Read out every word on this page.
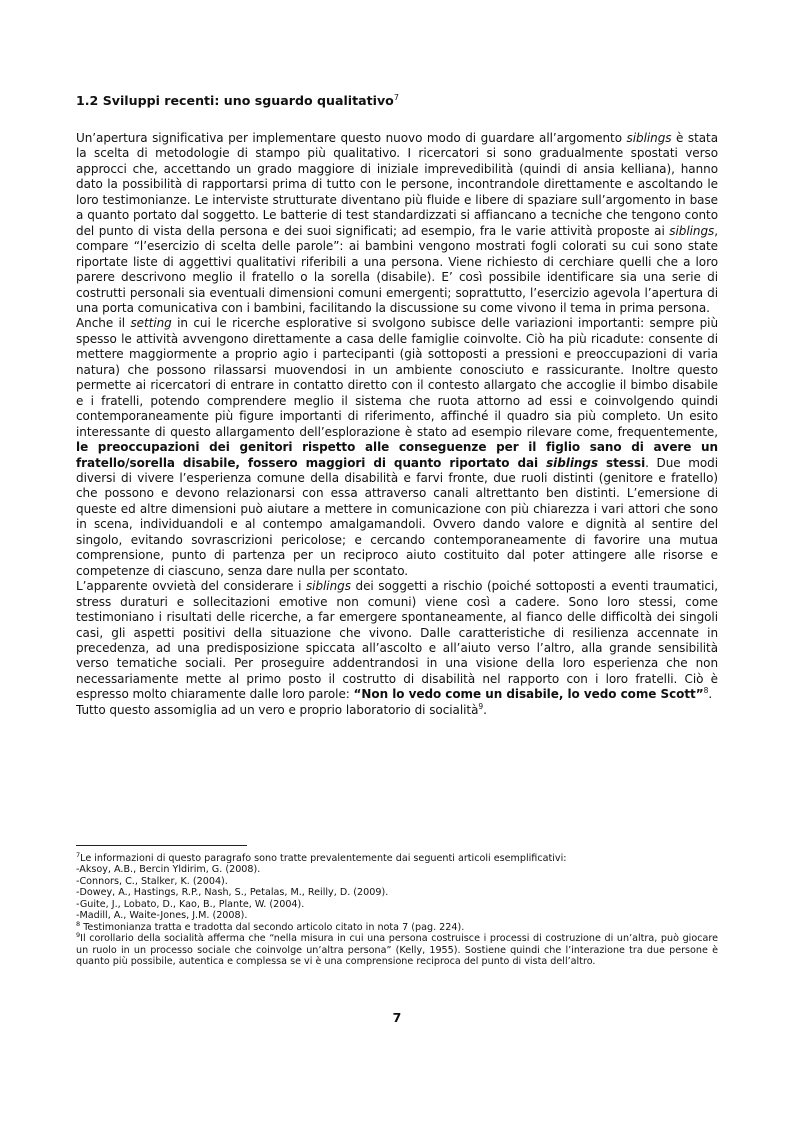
1.2 Sviluppi recenti: uno sguardo qualitativo$^7$

Un’apertura significativa per implementare questo nuovo modo di guardare all’argomento siblings è stata la scelta di metodologie di stampo più qualitativo. I ricercatori si sono gradualmente spostati verso approcci che, accettando un grado maggiore di iniziale imprevedibilità (quindi di ansia kelliana), hanno dato la possibilità di rapportarsi prima di tutto con le persone, incontrandole direttamente e ascoltando le loro testimonianze. Le interviste strutturate diventano più fluide e libere di spaziare sull’argomento in base a quanto portato dal soggetto. Le batterie di test standardizzati si affiancano a tecniche che tengono conto del punto di vista della persona e dei suoi significati; ad esempio, fra le varie attività proposte ai siblings, compare “l’esercizio di scelta delle parole”: ai bambini vengono mostrati fogli colorati su cui sono state riportate liste di aggettivi qualitativi riferibili a una persona. Viene richiesto di cerchiare quelli che a loro parere descrivono meglio il fratello o la sorella (disabile). E’ così possibile identificare sia una serie di costrutti personali sia eventuali dimensioni comuni emergenti; soprattutto, l’esercizio agevola l’apertura di una porta comunicativa con i bambini, facilitando la discussione su come vivono il tema in prima persona.

Anche il setting in cui le ricerche esplorative si svolgono subisce delle variazioni importanti: sempre più spesso le attività avvengono direttamente a casa delle famiglie coinvolte. Ciò ha più ricadute: consente di mettere maggiormente a proprio agio i partecipanti (già sottoposti a pressioni e preoccupazioni di varia natura) che possono rilassarsi muovendosi in un ambiente conosciuto e rassicurante. Inoltre questo permette ai ricercatori di entrare in contatto diretto con il contesto allargato che accoglie il bimbo disabile e i fratelli, potendo comprendere meglio il sistema che ruota attorno ad essi e coinvolgendo quindi contemporaneamente più figure importanti di riferimento, affinché il quadro sia più completo. Un esito interessante di questo allargamento dell’esplorazione è stato ad esempio rilevare come, frequentemente, le preoccupazioni dei genitori rispetto alle conseguenze per il figlio sano di avere un fratello/sorella disabile, fossero maggiori di quanto riportato dai siblings stessi. Due modi diversi di vivere l’esperienza comune della disabilità e farvi fronte, due ruoli distinti (genitore e fratello) che possono e devono relazionarsi con essa attraverso canali altrettanto ben distinti. L’emersione di queste ed altre dimensioni può aiutare a mettere in comunicazione con più chiarezza i vari attori che sono in scena, individuandoli e al contempo amalgamandoli. Ovvero dando valore e dignità al sentire del singolo, evitando sovrascrizioni pericolose; e cercando contemporaneamente di favorire una mutua comprensione, punto di partenza per un reciproco aiuto costituito dal poter attingere alle risorse e competenze di ciascuno, senza dare nulla per scontato.

L’apparente ovvietà del considerare i siblings dei soggetti a rischio (poiché sottoposti a eventi traumatici, stress duraturi e sollecitazioni emotive non comuni) viene così a cadere. Sono loro stessi, come testimoniano i risultati delle ricerche, a far emergere spontaneamente, al fianco delle difficoltà dei singoli casi, gli aspetti positivi della situazione che vivono. Dalle caratteristiche di resilienza accennate in precedenza, ad una predisposizione spiccata all’ascolto e all’aiuto verso l’altro, alla grande sensibilità verso tematiche sociali. Per proseguire addentrandosi in una visione della loro esperienza che non necessariamente mette al primo posto il costrutto di disabilità nel rapporto con i loro fratelli. Ciò è espresso molto chiaramente dalle loro parole: “Non lo vedo come un disabile, lo vedo come Scott”$^8$.

Tutto questo assomiglia ad un vero e proprio laboratorio di socialità$^9$.

$^7$Le informazioni di questo paragrafo sono tratte prevalentemente dai seguenti articoli esemplificativi:
-Aksoy, A.B., Bercin Yldirim, G. (2008).
-Connors, C., Stalker, K. (2004).
-Dowey, A., Hastings, R.P., Nash, S., Petalas, M., Reilly, D. (2009).
-Guite, J., Lobato, D., Kao, B., Plante, W. (2004).
-Madill, A., Waite-Jones, J.M. (2008).
$^8$ Testimonianza tratta e tradotta dal secondo articolo citato in nota 7 (pag. 224).
$^9$Il corollario della socialità afferma che “nella misura in cui una persona costruisce i processi di costruzione di un’altra, può giocare un ruolo in un processo sociale che coinvolge un’altra persona” (Kelly, 1955). Sostiene quindi che l’interazione tra due persone è quanto più possibile, autentica e complessa se vi è una comprensione reciproca del punto di vista dell’altro.
7
